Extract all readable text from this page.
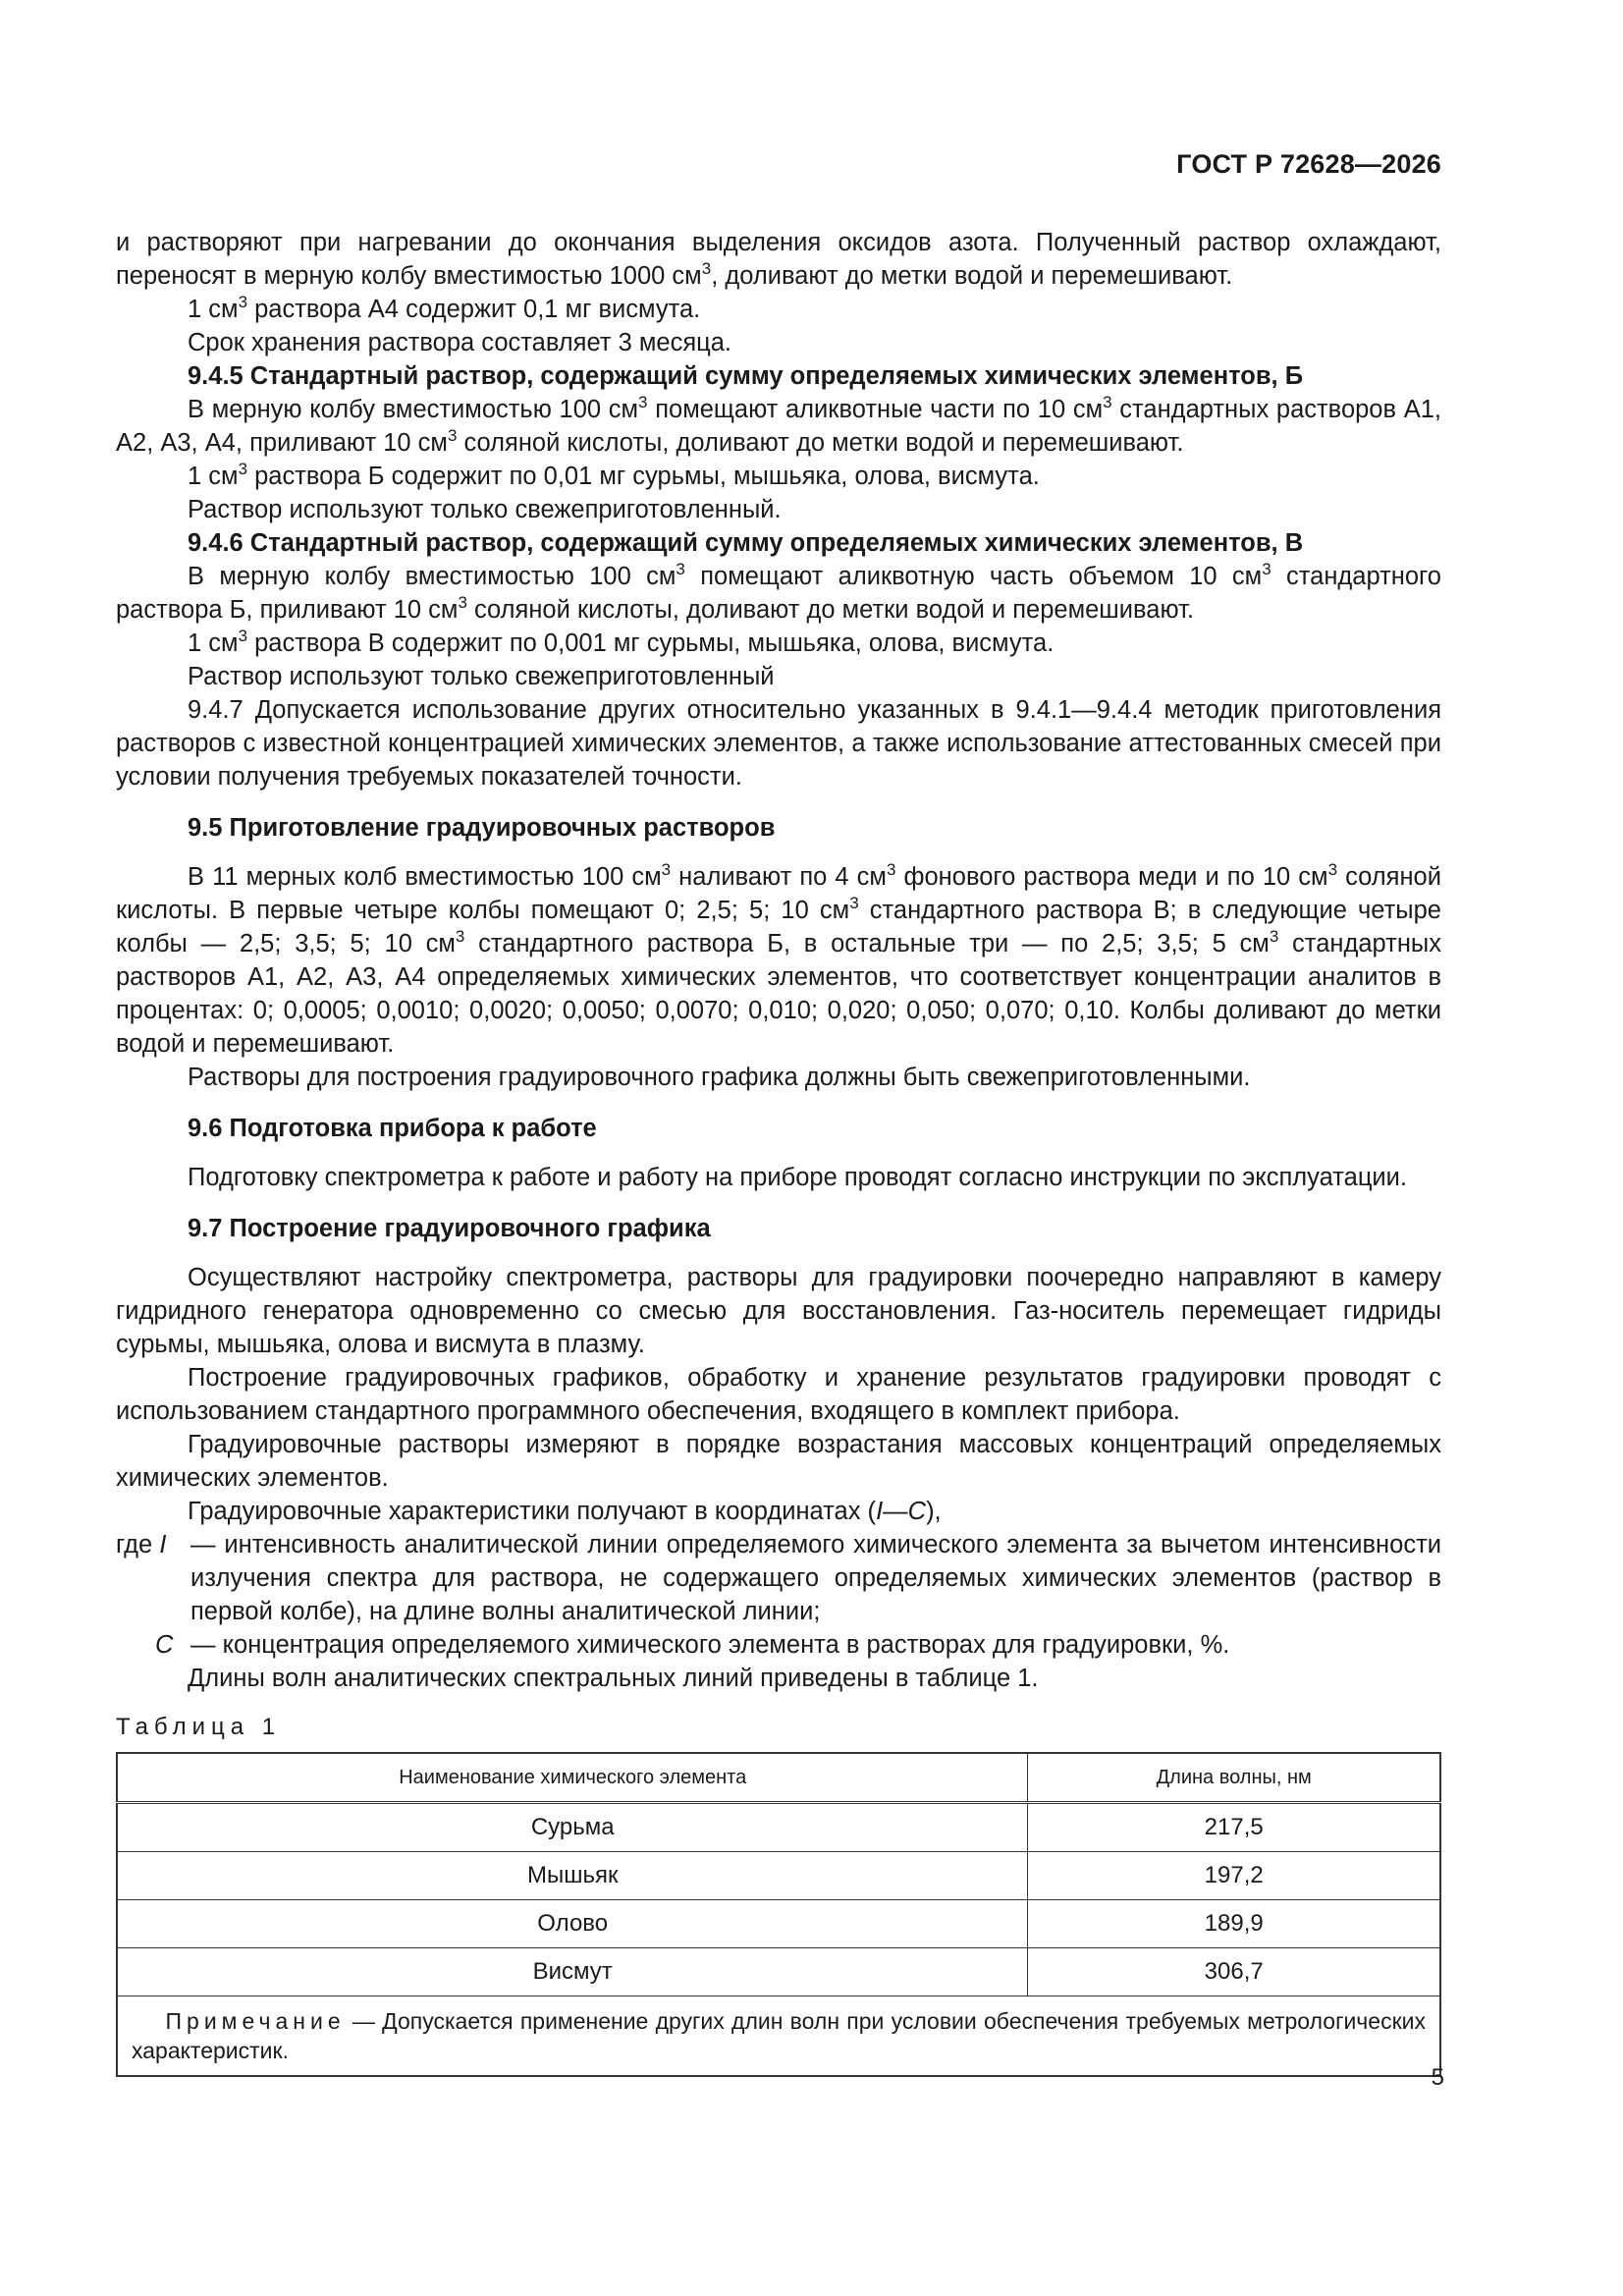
ГОСТ Р 72628—2026

и растворяют при нагревании до окончания выделения оксидов азота. Полученный раствор охлаждают, переносят в мерную колбу вместимостью 1000 $см^3$, доливают до метки водой и перемешивают.

1 $см^3$ раствора А4 содержит 0,1 мг висмута.

Срок хранения раствора составляет 3 месяца.

9.4.5 Стандартный раствор, содержащий сумму определяемых химических элементов, Б

В мерную колбу вместимостью 100 $см^3$ помещают аликвотные части по 10 $см^3$ стандартных растворов А1, А2, А3, А4, приливают 10 $см^3$ соляной кислоты, доливают до метки водой и перемешивают.

1 $см^3$ раствора Б содержит по 0,01 мг сурьмы, мышьяка, олова, висмута.

Раствор используют только свежеприготовленный.

9.4.6 Стандартный раствор, содержащий сумму определяемых химических элементов, В

В мерную колбу вместимостью 100 $см^3$ помещают аликвотную часть объемом 10 $см^3$ стандартного раствора Б, приливают 10 $см^3$ соляной кислоты, доливают до метки водой и перемешивают.

1 $см^3$ раствора В содержит по 0,001 мг сурьмы, мышьяка, олова, висмута.

Раствор используют только свежеприготовленный

9.4.7 Допускается использование других относительно указанных в 9.4.1—9.4.4 методик приготовления растворов с известной концентрацией химических элементов, а также использование аттестованных смесей при условии получения требуемых показателей точности.

9.5 Приготовление градуировочных растворов

В 11 мерных колб вместимостью 100 $см^3$ наливают по 4 $см^3$ фонового раствора меди и по 10 $см^3$ соляной кислоты. В первые четыре колбы помещают 0; 2,5; 5; 10 $см^3$ стандартного раствора В; в следующие четыре колбы — 2,5; 3,5; 5; 10 $см^3$ стандартного раствора Б, в остальные три — по 2,5; 3,5; 5 $см^3$ стандартных растворов А1, А2, А3, А4 определяемых химических элементов, что соответствует концентрации аналитов в процентах: 0; 0,0005; 0,0010; 0,0020; 0,0050; 0,0070; 0,010; 0,020; 0,050; 0,070; 0,10. Колбы доливают до метки водой и перемешивают.

Растворы для построения градуировочного графика должны быть свежеприготовленными.

9.6 Подготовка прибора к работе

Подготовку спектрометра к работе и работу на приборе проводят согласно инструкции по эксплуатации.

9.7 Построение градуировочного графика

Осуществляют настройку спектрометра, растворы для градуировки поочередно направляют в камеру гидридного генератора одновременно со смесью для восстановления. Газ-носитель перемещает гидриды сурьмы, мышьяка, олова и висмута в плазму.

Построение градуировочных графиков, обработку и хранение результатов градуировки проводят с использованием стандартного программного обеспечения, входящего в комплект прибора.

Градуировочные растворы измеряют в порядке возрастания массовых концентраций определяемых химических элементов.

Градуировочные характеристики получают в координатах (I—C),

где I — интенсивность аналитической линии определяемого химического элемента за вычетом интенсивности излучения спектра для раствора, не содержащего определяемых химических элементов (раствор в первой колбе), на длине волны аналитической линии;

C — концентрация определяемого химического элемента в растворах для градуировки, %.

Длины волн аналитических спектральных линий приведены в таблице 1.

Таблица 1

Наименование химического элемента	Длина волны, нм
Сурьма	217,5
Мышьяк	197,2
Олово	189,9
Висмут	306,7
  Примечание — Допускается применение других длин волн при условии обеспечения требуемых метрологических характеристик.	
5
